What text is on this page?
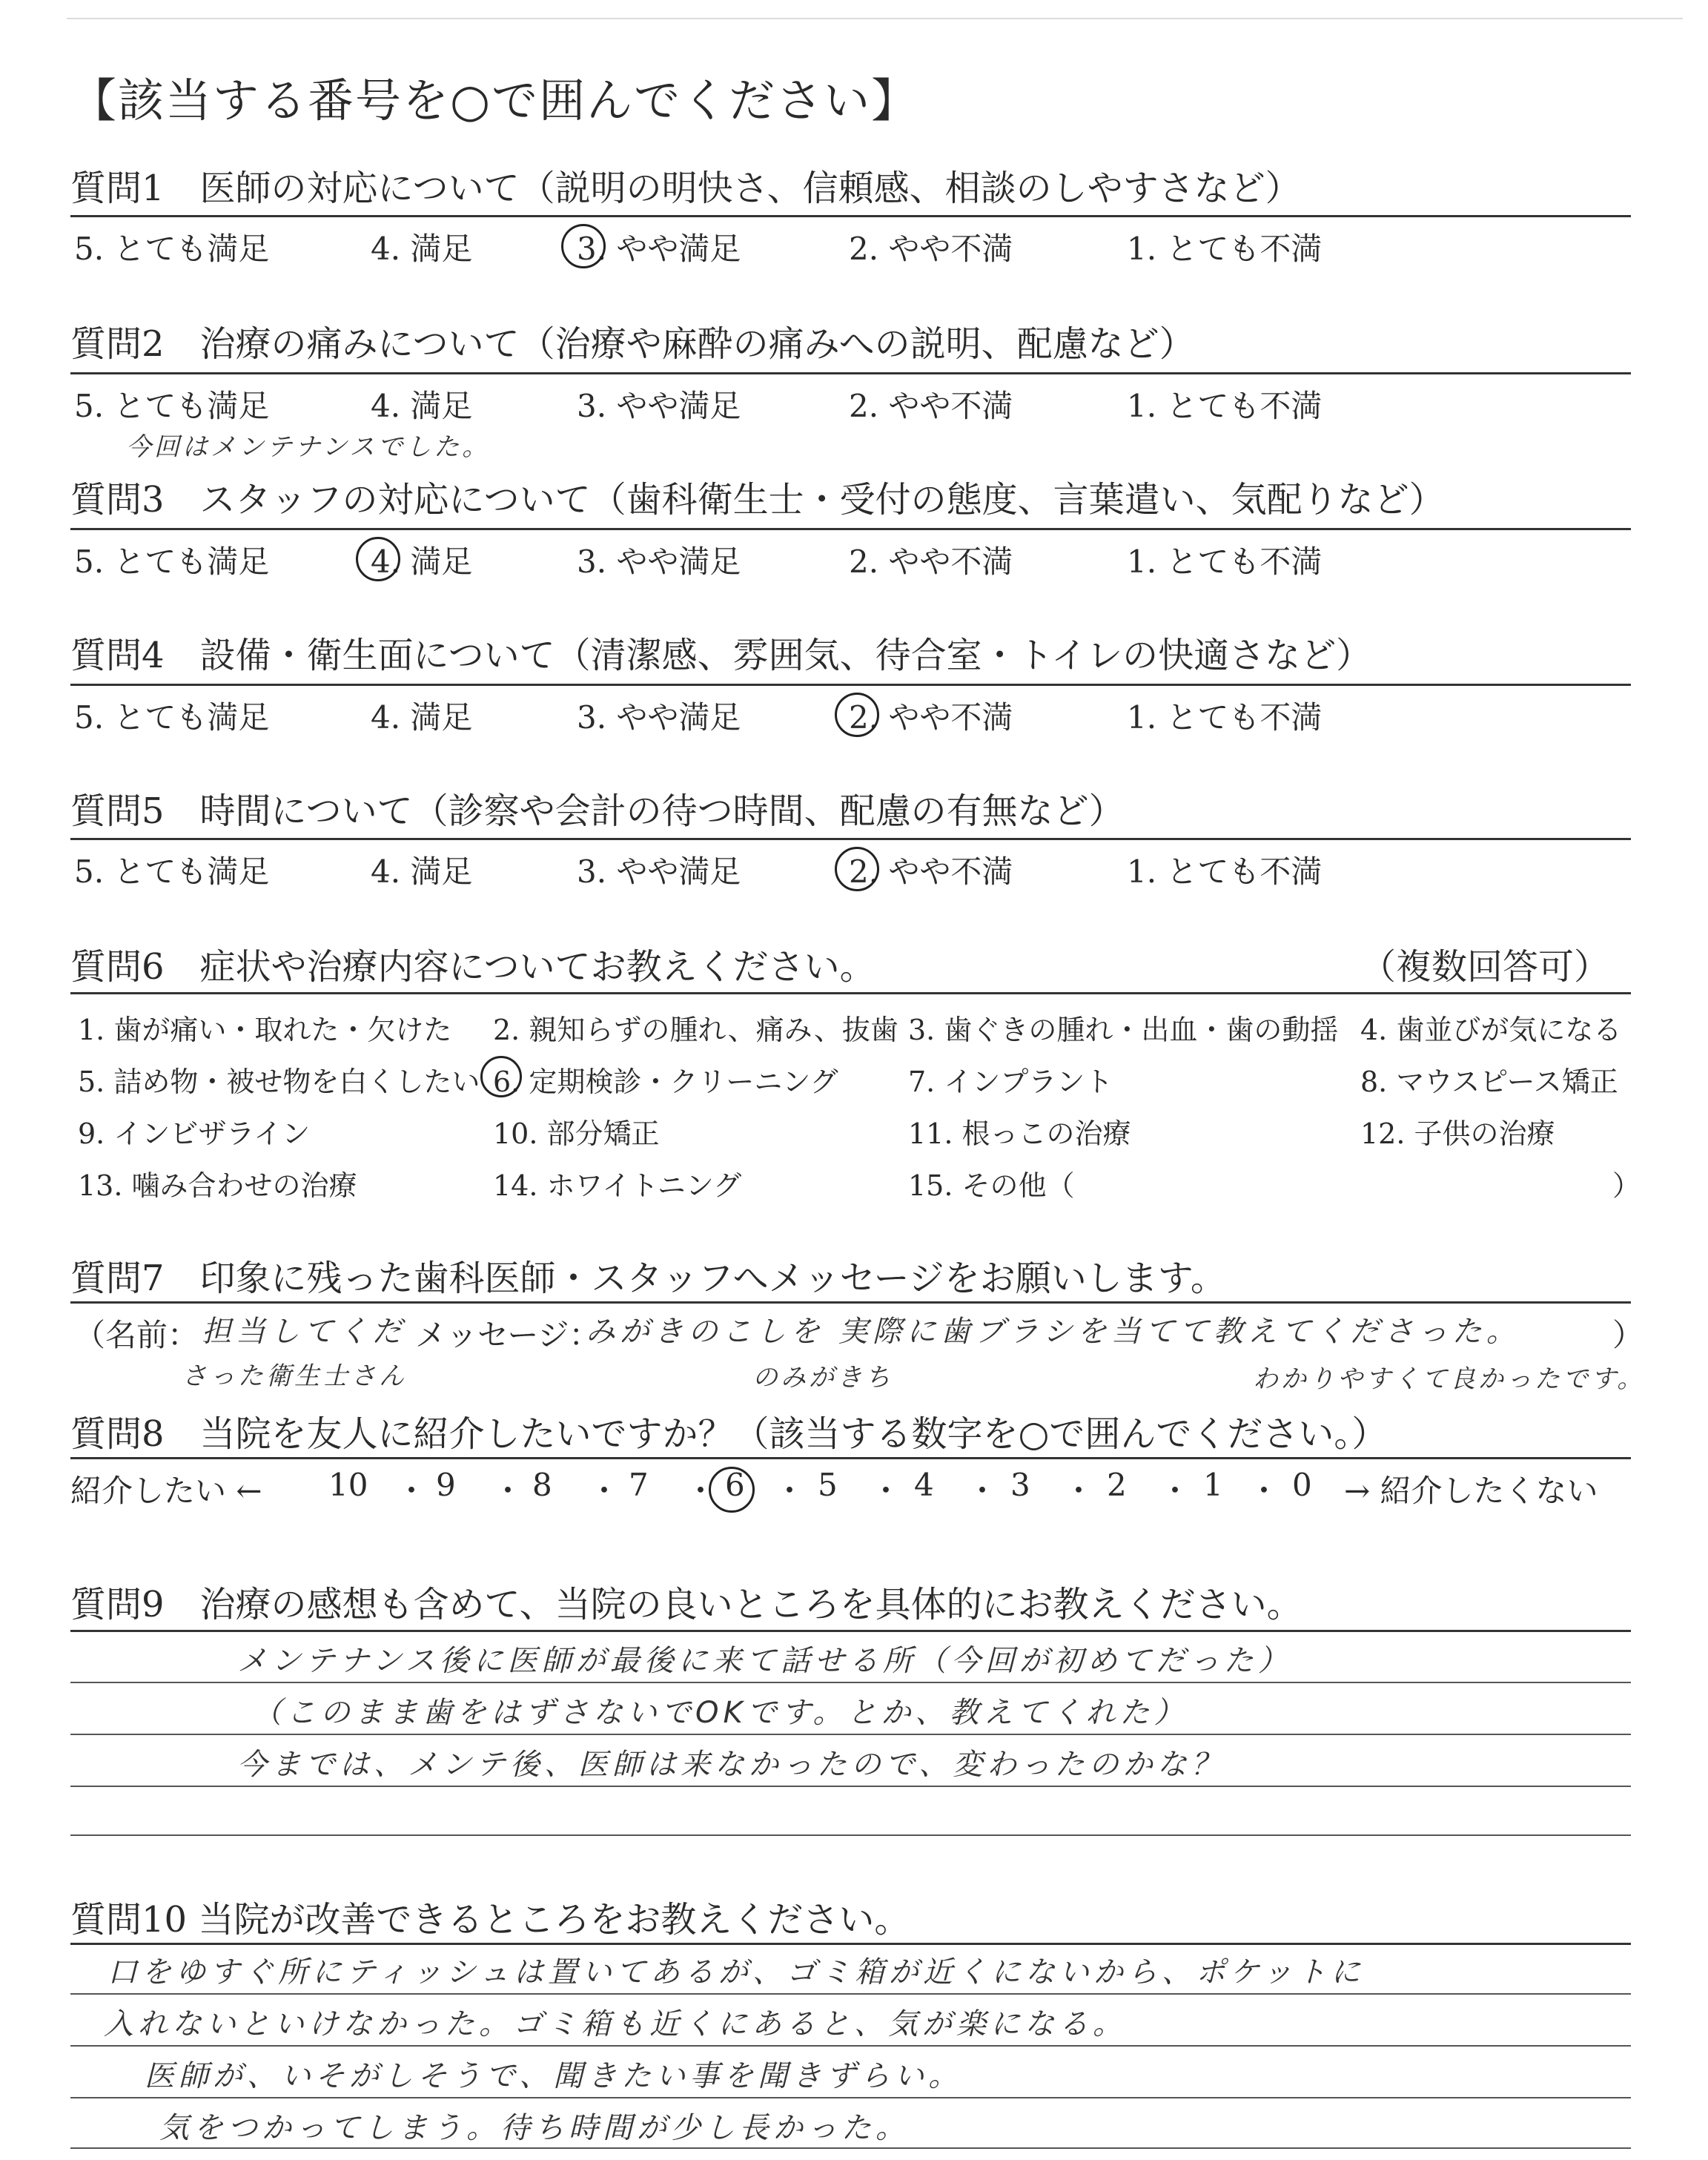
【該当する番号を○で囲んでください】
質問1　医師の対応について（説明の明快さ、信頼感、相談のしやすさなど）
5. とても満足	4. 満足	3. やや満足	2. やや不満	1. とても不満
質問2　治療の痛みについて（治療や麻酔の痛みへの説明、配慮など）
5. とても満足	4. 満足	3. やや満足	2. やや不満	1. とても不満
今回はメンテナンスでした。
質問3　スタッフの対応について（歯科衛生士・受付の態度、言葉遣い、気配りなど）
5. とても満足	4. 満足	3. やや満足	2. やや不満	1. とても不満
質問4　設備・衛生面について（清潔感、雰囲気、待合室・トイレの快適さなど）
5. とても満足	4. 満足	3. やや満足	2. やや不満	1. とても不満
質問5　時間について（診察や会計の待つ時間、配慮の有無など）
5. とても満足	4. 満足	3. やや満足	2. やや不満	1. とても不満
質問6　症状や治療内容についてお教えください。	（複数回答可）
1. 歯が痛い・取れた・欠けた 2. 親知らずの腫れ、痛み、抜歯 3. 歯ぐきの腫れ・出血・歯の動揺 4. 歯並びが気になる
5. 詰め物・被せ物を白くしたい 6. 定期検診・クリーニング 7. インプラント	8. マウスピース矯正
9. インビザライン	10. 部分矯正	11. 根っこの治療	12. 子供の治療
13. 噛み合わせの治療	14. ホワイトニング	15. その他（	）
質問7　印象に残った歯科医師・スタッフへメッセージをお願いします。
（名前： 担当してくだ メッセージ：
みがきのこしを 実際に歯ブラシを当てて教えてくださった。	）
さった衛生士さん	のみがきち	わかりやすくて良かったです。
質問8　当院を友人に紹介したいですか？（該当する数字を○で囲んでください。）
紹介したい ← 10 9 8 7 6 5 4 3 2 1 0
・ ・ ・ ・ ・ ・ ・ ・ ・ ・ → 紹介したくない
質問9　治療の感想も含めて、当院の良いところを具体的にお教えください。
メンテナンス後に医師が最後に来て話せる所（今回が初めてだった）
（このまま歯をはずさないでOKです。とか、教えてくれた）
今までは、メンテ後、医師は来なかったので、変わったのかな？
質問10 当院が改善できるところをお教えください。
口をゆすぐ所にティッシュは置いてあるが、ゴミ箱が近くにないから、ポケットに
入れないといけなかった。ゴミ箱も近くにあると、気が楽になる。
医師が、いそがしそうで、聞きたい事を聞きずらい。
気をつかってしまう。待ち時間が少し長かった。
